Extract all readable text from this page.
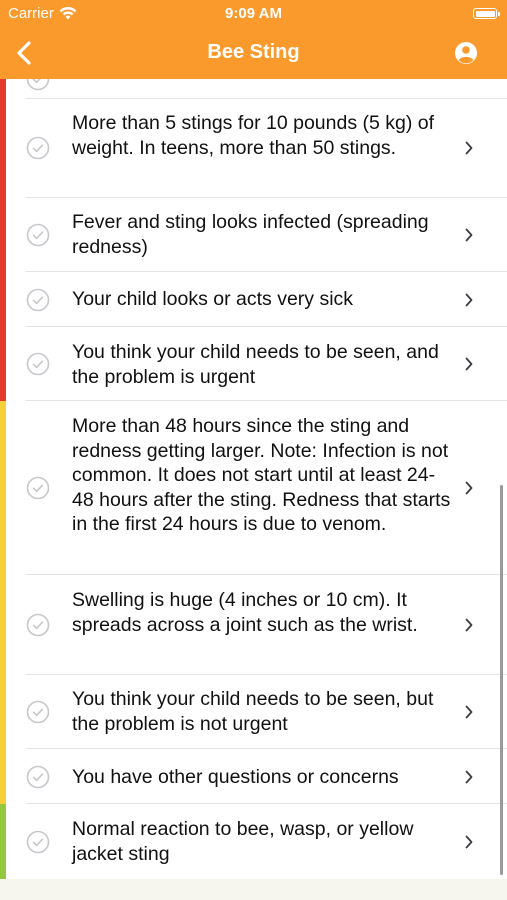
Carrier	9:09 AM
Bee Sting
More than 5 stings for 10 pounds (5 kg) of weight. In teens, more than 50 stings.
Fever and sting looks infected (spreading redness)
Your child looks or acts very sick
You think your child needs to be seen, and the problem is urgent
More than 48 hours since the sting and redness getting larger. Note: Infection is not common. It does not start until at least 24-48 hours after the sting. Redness that starts in the first 24 hours is due to venom.
Swelling is huge (4 inches or 10 cm). It spreads across a joint such as the wrist.
You think your child needs to be seen, but the problem is not urgent
You have other questions or concerns
Normal reaction to bee, wasp, or yellow jacket sting
